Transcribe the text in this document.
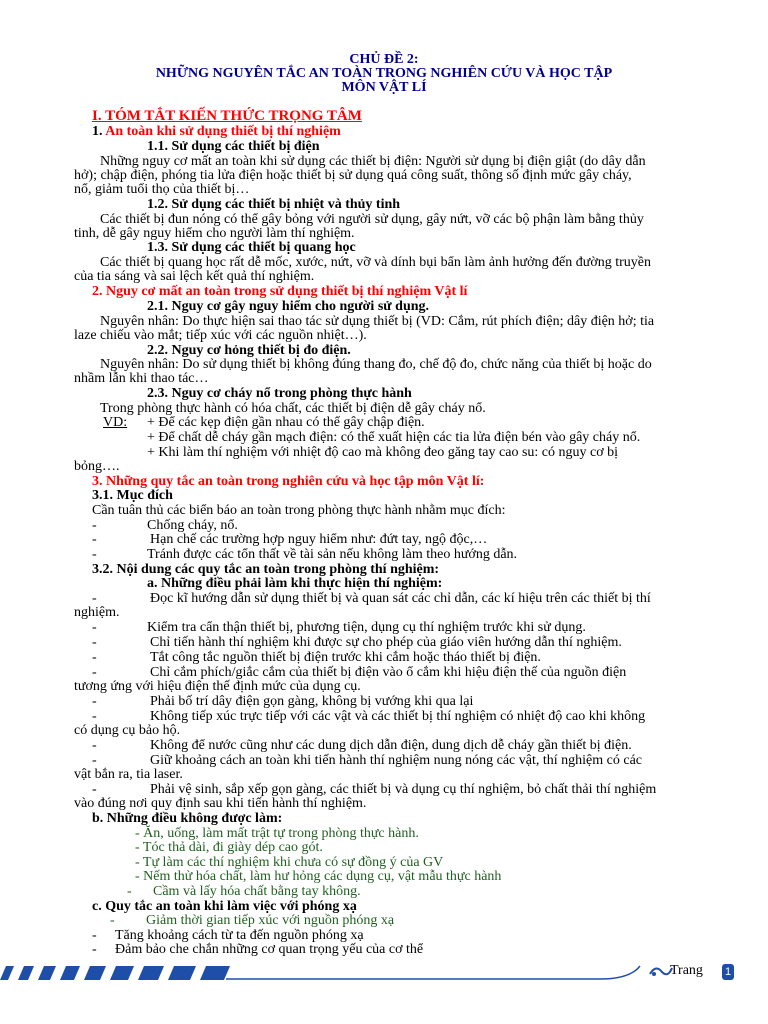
CHỦ ĐỀ 2:
NHỮNG NGUYÊN TẮC AN TOÀN TRONG NGHIÊN CỨU VÀ HỌC TẬP
MÔN VẬT LÍ
I. TÓM TẮT KIẾN THỨC TRỌNG TÂM
1. An toàn khi sử dụng thiết bị thí nghiệm
1.1. Sử dụng các thiết bị điện
Những nguy cơ mất an toàn khi sử dụng các thiết bị điện: Người sử dụng bị điện giật (do dây dẫn
hở); chập điện, phóng tia lửa điện hoặc thiết bị sử dụng quá công suất, thông số định mức gây cháy,
nổ, giảm tuổi thọ của thiết bị…
1.2. Sử dụng các thiết bị nhiệt và thủy tinh
Các thiết bị đun nóng có thể gây bỏng với người sử dụng, gây nứt, vỡ các bộ phận làm bằng thủy
tinh, dễ gây nguy hiểm cho người làm thí nghiệm.
1.3. Sử dụng các thiết bị quang học
Các thiết bị quang học rất dễ mốc, xước, nứt, vỡ và dính bụi bẩn làm ảnh hưởng đến đường truyền
của tia sáng và sai lệch kết quả thí nghiệm.
2. Nguy cơ mất an toàn trong sử dụng thiết bị thí nghiệm Vật lí
2.1. Nguy cơ gây nguy hiểm cho người sử dụng.
Nguyên nhân: Do thực hiện sai thao tác sử dụng thiết bị (VD: Cắm, rút phích điện; dây điện hở; tia
laze chiếu vào mắt; tiếp xúc với các nguồn nhiệt…).
2.2. Nguy cơ hỏng thiết bị đo điện.
Nguyên nhân: Do sử dụng thiết bị không đúng thang đo, chế độ đo, chức năng của thiết bị hoặc do
nhầm lẫn khi thao tác…
2.3. Nguy cơ cháy nổ trong phòng thực hành
Trong phòng thực hành có hóa chất, các thiết bị điện dễ gây cháy nổ.
VD: + Để các kẹp điện gần nhau có thể gây chập điện.
+ Để chất dễ cháy gần mạch điện: có thể xuất hiện các tia lửa điện bén vào gây cháy nổ.
+ Khi làm thí nghiệm với nhiệt độ cao mà không đeo găng tay cao su: có nguy cơ bị
bỏng….
3. Những quy tắc an toàn trong nghiên cứu và học tập môn Vật lí:
3.1. Mục đích
Cần tuân thủ các biển báo an toàn trong phòng thực hành nhằm mục đích:
-	Chống cháy, nổ.
-	Hạn chế các trường hợp nguy hiểm như: đứt tay, ngộ độc,…
-	Tránh được các tổn thất về tài sản nếu không làm theo hướng dẫn.
3.2. Nội dung các quy tắc an toàn trong phòng thí nghiệm:
a. Những điều phải làm khi thực hiện thí nghiệm:
-	Đọc kĩ hướng dẫn sử dụng thiết bị và quan sát các chỉ dẫn, các kí hiệu trên các thiết bị thí
nghiệm.
-	Kiểm tra cẩn thận thiết bị, phương tiện, dụng cụ thí nghiệm trước khi sử dụng.
-	Chỉ tiến hành thí nghiệm khi được sự cho phép của giáo viên hướng dẫn thí nghiệm.
-	Tắt công tắc nguồn thiết bị điện trước khi cắm hoặc tháo thiết bị điện.
-	Chỉ cắm phích/giắc cắm của thiết bị điện vào ổ cắm khi hiệu điện thế của nguồn điện
tương ứng với hiệu điện thế định mức của dụng cụ.
-	Phải bố trí dây điện gọn gàng, không bị vướng khi qua lại
-	Không tiếp xúc trực tiếp với các vật và các thiết bị thí nghiệm có nhiệt độ cao khi không
có dụng cụ bảo hộ.
-	Không để nước cũng như các dung dịch dẫn điện, dung dịch dễ cháy gần thiết bị điện.
-	Giữ khoảng cách an toàn khi tiến hành thí nghiệm nung nóng các vật, thí nghiệm có các
vật bắn ra, tia laser.
-	Phải vệ sinh, sắp xếp gọn gàng, các thiết bị và dụng cụ thí nghiệm, bỏ chất thải thí nghiệm
vào đúng nơi quy định sau khi tiến hành thí nghiệm.
b. Những điều không được làm:
- Ăn, uống, làm mất trật tự trong phòng thực hành.
- Tóc thả dài, đi giày dép cao gót.
- Tự làm các thí nghiệm khi chưa có sự đồng ý của GV
- Nếm thử hóa chất, làm hư hỏng các dụng cụ, vật mẫu thực hành
- Cầm và lấy hóa chất bằng tay không.
c. Quy tắc an toàn khi làm việc với phóng xạ
- Giảm thời gian tiếp xúc với nguồn phóng xạ
- Tăng khoảng cách từ ta đến nguồn phóng xạ
- Đảm bảo che chắn những cơ quan trọng yếu của cơ thể
Trang 1
